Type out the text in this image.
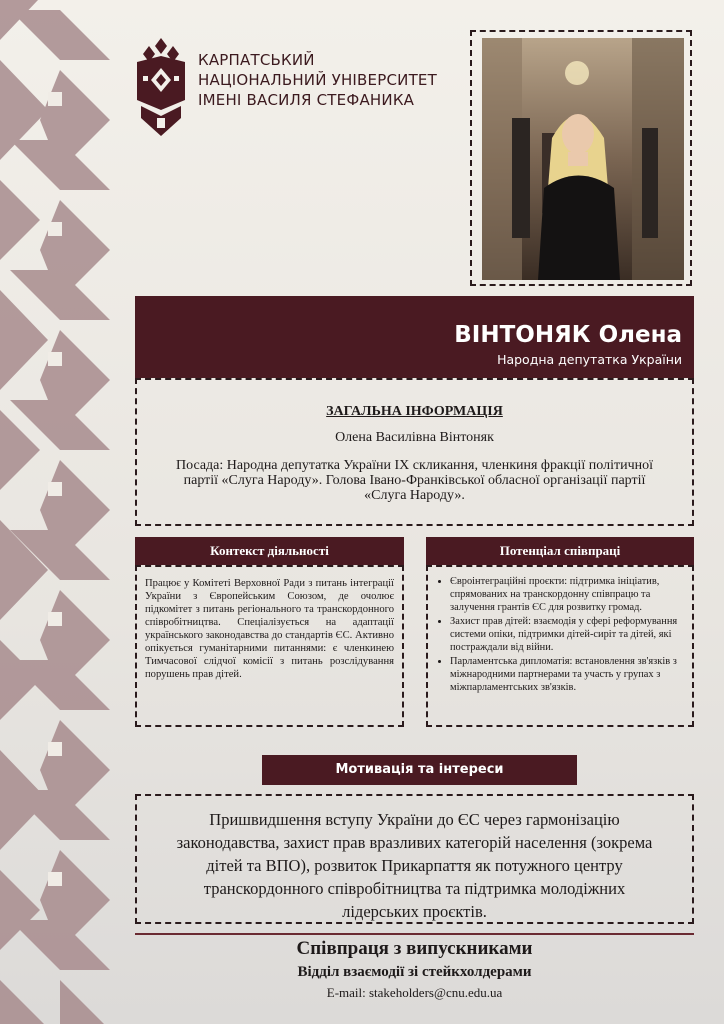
КАРПАТСЬКИЙ
НАЦІОНАЛЬНИЙ УНІВЕРСИТЕТ
ІМЕНІ ВАСИЛЯ СТЕФАНИКА
ВІНТОНЯК Олена
Народна депутатка України
ЗАГАЛЬНА ІНФОРМАЦІЯ
Олена Василівна Вінтоняк
Посада: Народна депутатка України IX скликання, членкиня фракції політичної партії «Слуга Народу». Голова Івано-Франківської обласної організації партії «Слуга Народу».
Контекст діяльності

Працює у Комітеті Верховної Ради з питань інтеграції України з Європейським Союзом, де очолює підкомітет з питань регіонального та транскордонного співробітництва. Спеціалізується на адаптації українського законодавства до стандартів ЄС. Активно опікується гуманітарними питаннями: є членкинею Тимчасової слідчої комісії з питань розслідування порушень прав дітей.

Потенціал співпраці
• Євроінтеграційні проєкти: підтримка ініціатив, спрямованих на транскордонну співпрацю та залучення грантів ЄС для розвитку громад.
• Захист прав дітей: взаємодія у сфері реформування системи опіки, підтримки дітей-сиріт та дітей, які постраждали від війни.
• Парламентська дипломатія: встановлення зв'язків з міжнародними партнерами та участь у групах з міжпарламентських зв'язків.
Мотивація та інтереси

Пришвидшення вступу України до ЄС через гармонізацію законодавства, захист прав вразливих категорій населення (зокрема дітей та ВПО), розвиток Прикарпаття як потужного центру транскордонного співробітництва та підтримка молодіжних лідерських проєктів.

Співпраця з випускниками
Відділ взаємодії зі стейкхолдерами
E-mail: stakeholders@cnu.edu.ua
